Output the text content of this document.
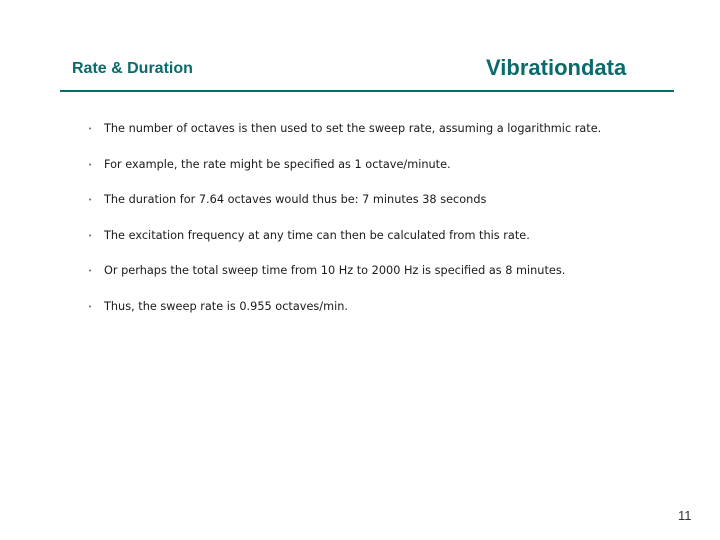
Rate & Duration	Vibrationdata
• The number of octaves is then used to set the sweep rate, assuming a logarithmic rate.
• For example, the rate might be specified as 1 octave/minute.
• The duration for 7.64 octaves would thus be: 7 minutes 38 seconds
• The excitation frequency at any time can then be calculated from this rate.
• Or perhaps the total sweep time from 10 Hz to 2000 Hz is specified as 8 minutes.
• Thus, the sweep rate is 0.955 octaves/min.
11
